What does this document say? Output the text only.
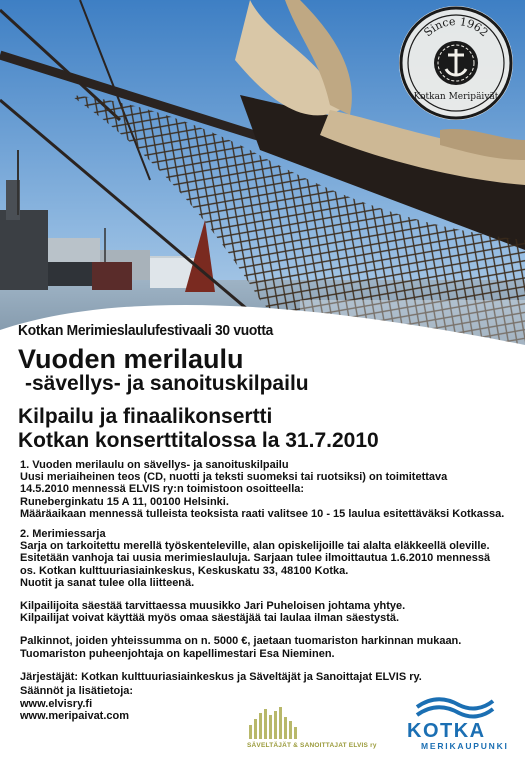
Since 1962
Kotkan Meripäivät
Kotkan Merimieslaulufestivaali 30 vuotta
Vuoden merilaulu
-sävellys- ja sanoituskilpailu
Kilpailu ja finaalikonsertti
Kotkan konserttitalossa la 31.7.2010

1. Vuoden merilaulu on sävellys- ja sanoituskilpailu
Uusi meriaiheinen teos (CD, nuotti ja teksti suomeksi tai ruotsiksi) on toimitettava
14.5.2010 mennessä ELVIS ry:n toimistoon osoitteella:
Runeberginkatu 15 A 11, 00100 Helsinki.
Määräaikaan mennessä tulleista teoksista raati valitsee 10 - 15 laulua esitettäväksi Kotkassa.

2. Merimiessarja
Sarja on tarkoitettu merellä työskenteleville, alan opiskelijoille tai alalta eläkkeellä oleville.
Esitetään vanhoja tai uusia merimieslauluja. Sarjaan tulee ilmoittautua 1.6.2010 mennessä
os. Kotkan kulttuuriasiainkeskus, Keskuskatu 33, 48100 Kotka.
Nuotit ja sanat tulee olla liitteenä.

Kilpailijoita säestää tarvittaessa muusikko Jari Puheloisen johtama yhtye.
Kilpailijat voivat käyttää myös omaa säestäjää tai laulaa ilman säestystä.

Palkinnot, joiden yhteissumma on n. 5000 €, jaetaan tuomariston harkinnan mukaan.
Tuomariston puheenjohtaja on kapellimestari Esa Nieminen.

Järjestäjät: Kotkan kulttuuriasiainkeskus ja Säveltäjät ja Sanoittajat ELVIS ry.

Säännöt ja lisätietoja:
www.elvisry.fi
www.meripaivat.com
SÄVELTÄJÄT & SANOITTAJAT ELVIS ry
KOTKA
MERIKAUPUNKI
